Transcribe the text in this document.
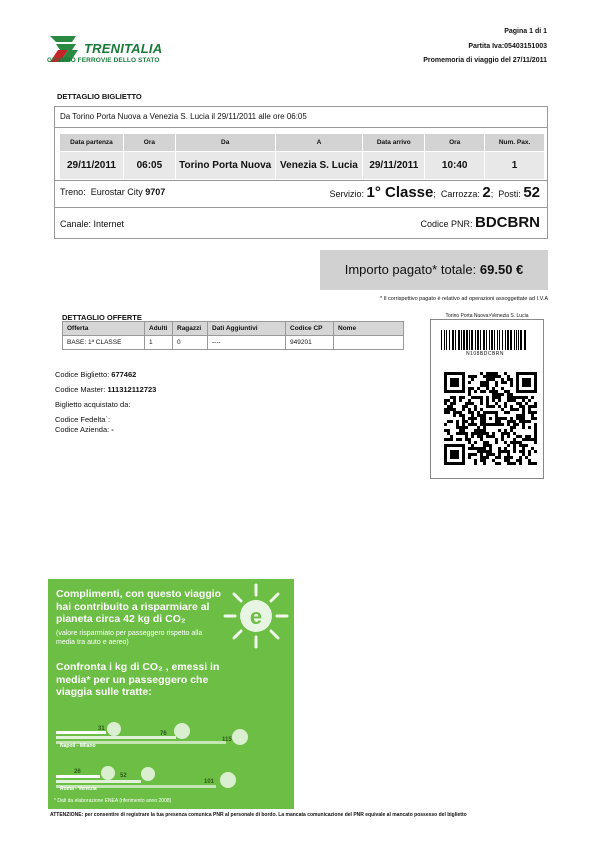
TRENITALIA
GRUPPO FERROVIE DELLO STATO
Pagina 1 di 1
Partita Iva:05403151003
Promemoria di viaggio del 27/11/2011
DETTAGLIO BIGLIETTO
Da Torino Porta Nuova a Venezia S. Lucia il 29/11/2011 alle ore 06:05
Data partenza	Ora	Da	A	Data arrivo	Ora	Num. Pax.
29/11/2011	06:05	Torino Porta Nuova	Venezia S. Lucia	29/11/2011	10:40	1
Treno: Eurostar City 9707	Servizio: 1° Classe;  Carrozza: 2;  Posti: 52
Canale: Internet	Codice PNR: BDCBRN
Importo pagato* totale: 69.50 €
* Il corrispettivo pagato è relativo ad operazioni assoggettate ad I.V.A
DETTAGLIO OFFERTE
Offerta	Adulti	Ragazzi	Dati Aggiuntivi	Codice CP	Nome
BASE: 1ª CLASSE	1	0	----	949201	
Codice Biglietto: 677462
Codice Master: 111312112723
Biglietto acquistato da:
Codice Fedelta`:
Codice Azienda: -
Torino Porta Nuova>Venezia S. Lucia
N108BDCBRN
e
Complimenti, con questo viaggio hai contribuito a risparmiare al pianeta circa 42 kg di CO₂
(valore risparmiato per passeggero rispetto alla media tra auto e aereo)
Confronta i kg di CO₂ , emessi in media* per un passeggero che viaggia sulle tratte:
Napoli - Milano
31
76
115
Roma - Venezia
26
52
101
* Dati da elaborazione ENEA (riferimento anno 2008)
ATTENZIONE: per consentire di registrare la tua presenza comunica PNR al personale di bordo. La mancata comunicazione del PNR equivale al mancato possesso del biglietto
